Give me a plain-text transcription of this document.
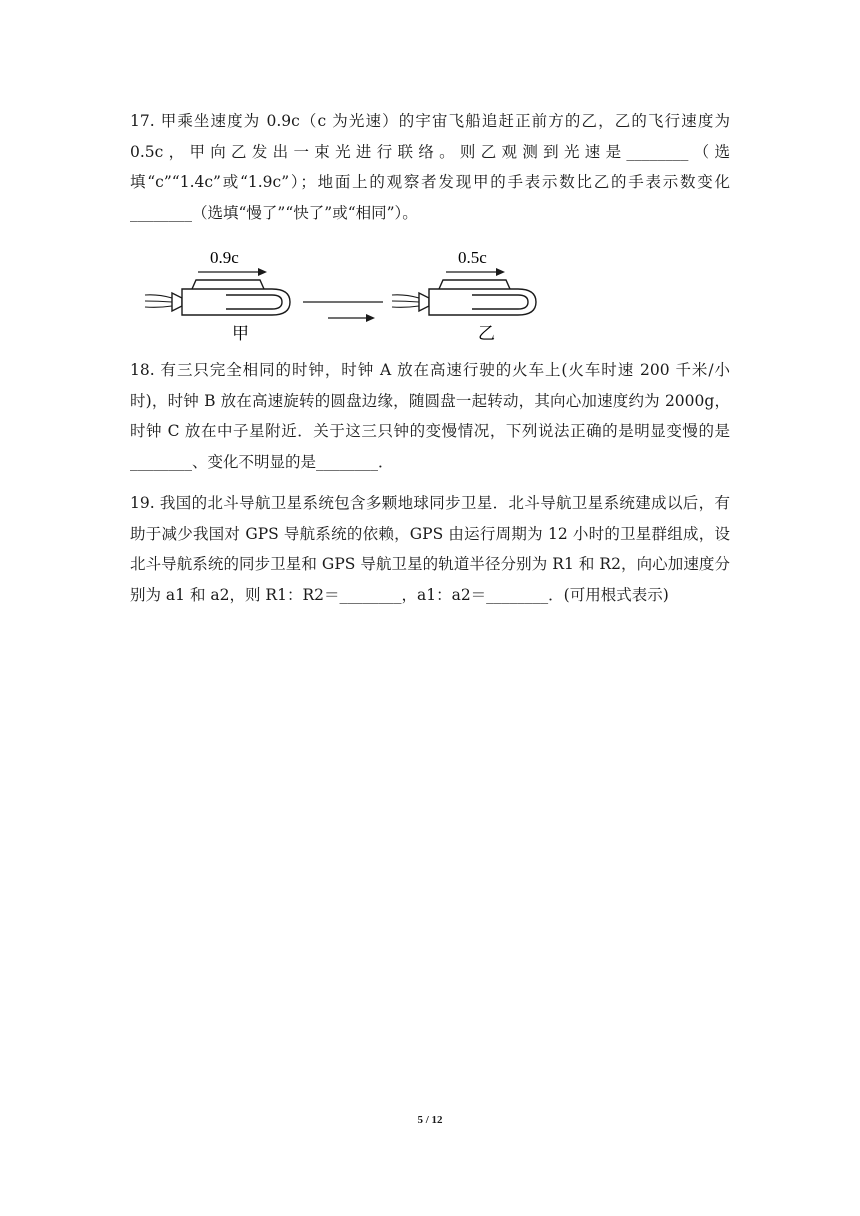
17. 甲乘坐速度为 0.9c（c 为光速）的宇宙飞船追赶正前方的乙，乙的飞行速度为 0.5c，甲向乙发出一束光进行联络。则乙观测到光速是________（选填“c”“1.4c”或“1.9c”）；地面上的观察者发现甲的手表示数比乙的手表示数变化________（选填“慢了”“快了”或“相同”）。
0.9c
甲
0.5c
乙
18. 有三只完全相同的时钟，时钟 A 放在高速行驶的火车上(火车时速 200 千米/小时)，时钟 B 放在高速旋转的圆盘边缘，随圆盘一起转动，其向心加速度约为 2000g，时钟 C 放在中子星附近．关于这三只钟的变慢情况，下列说法正确的是明显变慢的是________、变化不明显的是________．
19. 我国的北斗导航卫星系统包含多颗地球同步卫星．北斗导航卫星系统建成以后，有助于减少我国对 GPS 导航系统的依赖，GPS 由运行周期为 12 小时的卫星群组成，设北斗导航系统的同步卫星和 GPS 导航卫星的轨道半径分别为 R1 和 R2，向心加速度分别为 a1 和 a2，则 R1：R2＝________，a1：a2＝________．(可用根式表示)
5 / 12
